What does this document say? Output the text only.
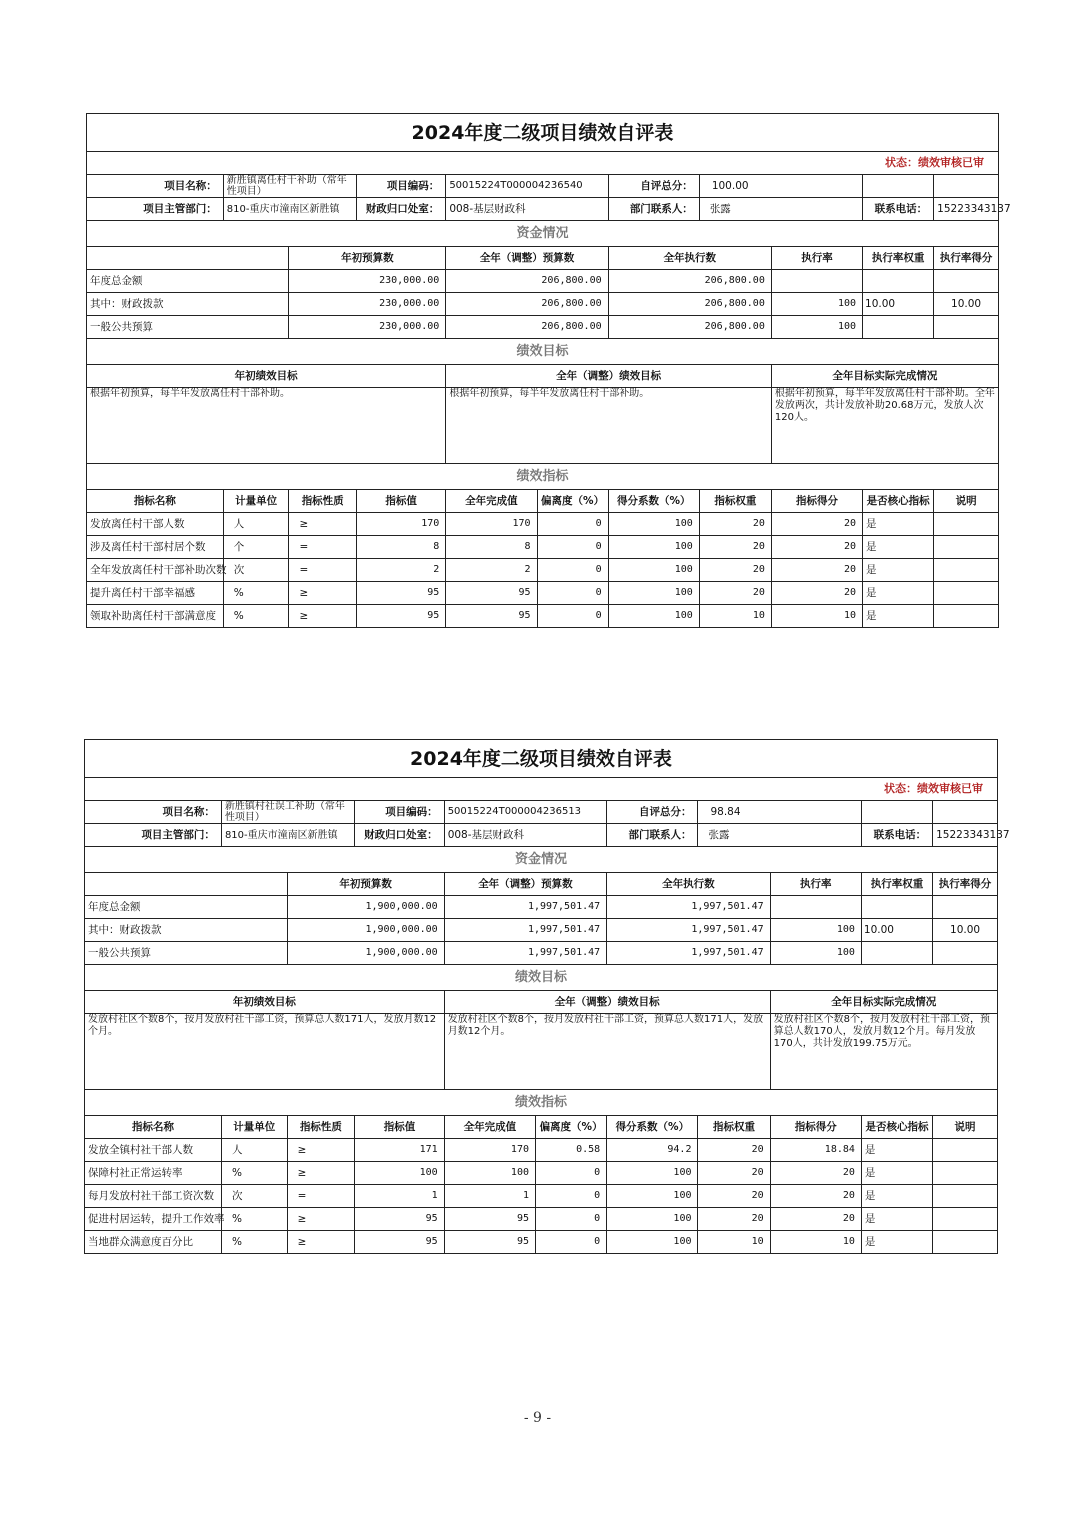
2024年度二级项目绩效自评表										
状态：绩效审核已审										
项目名称：	新胜镇离任村干补助（常年性项目）		项目编码：	50015224T000004236540		自评总分：	100.00			
项目主管部门：	810-重庆市潼南区新胜镇		财政归口处室：	008-基层财政科		部门联系人：	张露		联系电话：	15223343137
资金情况										
		年初预算数		全年（调整）预算数		全年执行数		执行率	执行率权重	执行率得分
年度总金额		230,000.00		206,800.00		206,800.00				
其中：财政拨款		230,000.00		206,800.00		206,800.00		100	10.00	10.00
一般公共预算		230,000.00		206,800.00		206,800.00		100		
绩效目标										
年初绩效目标				全年（调整）绩效目标				全年目标实际完成情况		
根据年初预算，每半年发放离任村干部补助。				根据年初预算，每半年发放离任村干部补助。				根据年初预算，每半年发放离任村干部补助。全年发放两次，共计发放补助20.68万元，发放人次120人。		
绩效指标										
指标名称	计量单位	指标性质	指标值	全年完成值	偏离度（%）	得分系数（%）	指标权重	指标得分	是否核心指标	说明
发放离任村干部人数	人	≥	170	170	0	100	20	20	是	
涉及离任村干部村居个数	个	=	8	8	0	100	20	20	是	
全年发放离任村干部补助次数	次	=	2	2	0	100	20	20	是	
提升离任村干部幸福感	%	≥	95	95	0	100	20	20	是	
领取补助离任村干部满意度	%	≥	95	95	0	100	10	10	是	
2024年度二级项目绩效自评表										
状态：绩效审核已审										
项目名称：	新胜镇村社误工补助（常年性项目）		项目编码：	50015224T000004236513		自评总分：	98.84			
项目主管部门：	810-重庆市潼南区新胜镇		财政归口处室：	008-基层财政科		部门联系人：	张露		联系电话：	15223343137
资金情况										
		年初预算数		全年（调整）预算数		全年执行数		执行率	执行率权重	执行率得分
年度总金额		1,900,000.00		1,997,501.47		1,997,501.47				
其中：财政拨款		1,900,000.00		1,997,501.47		1,997,501.47		100	10.00	10.00
一般公共预算		1,900,000.00		1,997,501.47		1,997,501.47		100		
绩效目标										
年初绩效目标				全年（调整）绩效目标				全年目标实际完成情况		
发放村社区个数8个，按月发放村社干部工资，预算总人数171人，发放月数12个月。				发放村社区个数8个，按月发放村社干部工资，预算总人数171人，发放月数12个月。				发放村社区个数8个，按月发放村社干部工资，预算总人数170人，发放月数12个月。每月发放170人，共计发放199.75万元。		
绩效指标										
指标名称	计量单位	指标性质	指标值	全年完成值	偏离度（%）	得分系数（%）	指标权重	指标得分	是否核心指标	说明
发放全镇村社干部人数	人	≥	171	170	0.58	94.2	20	18.84	是	
保障村社正常运转率	%	≥	100	100	0	100	20	20	是	
每月发放村社干部工资次数	次	=	1	1	0	100	20	20	是	
促进村居运转，提升工作效率	%	≥	95	95	0	100	20	20	是	
当地群众满意度百分比	%	≥	95	95	0	100	10	10	是	
- 9 -
